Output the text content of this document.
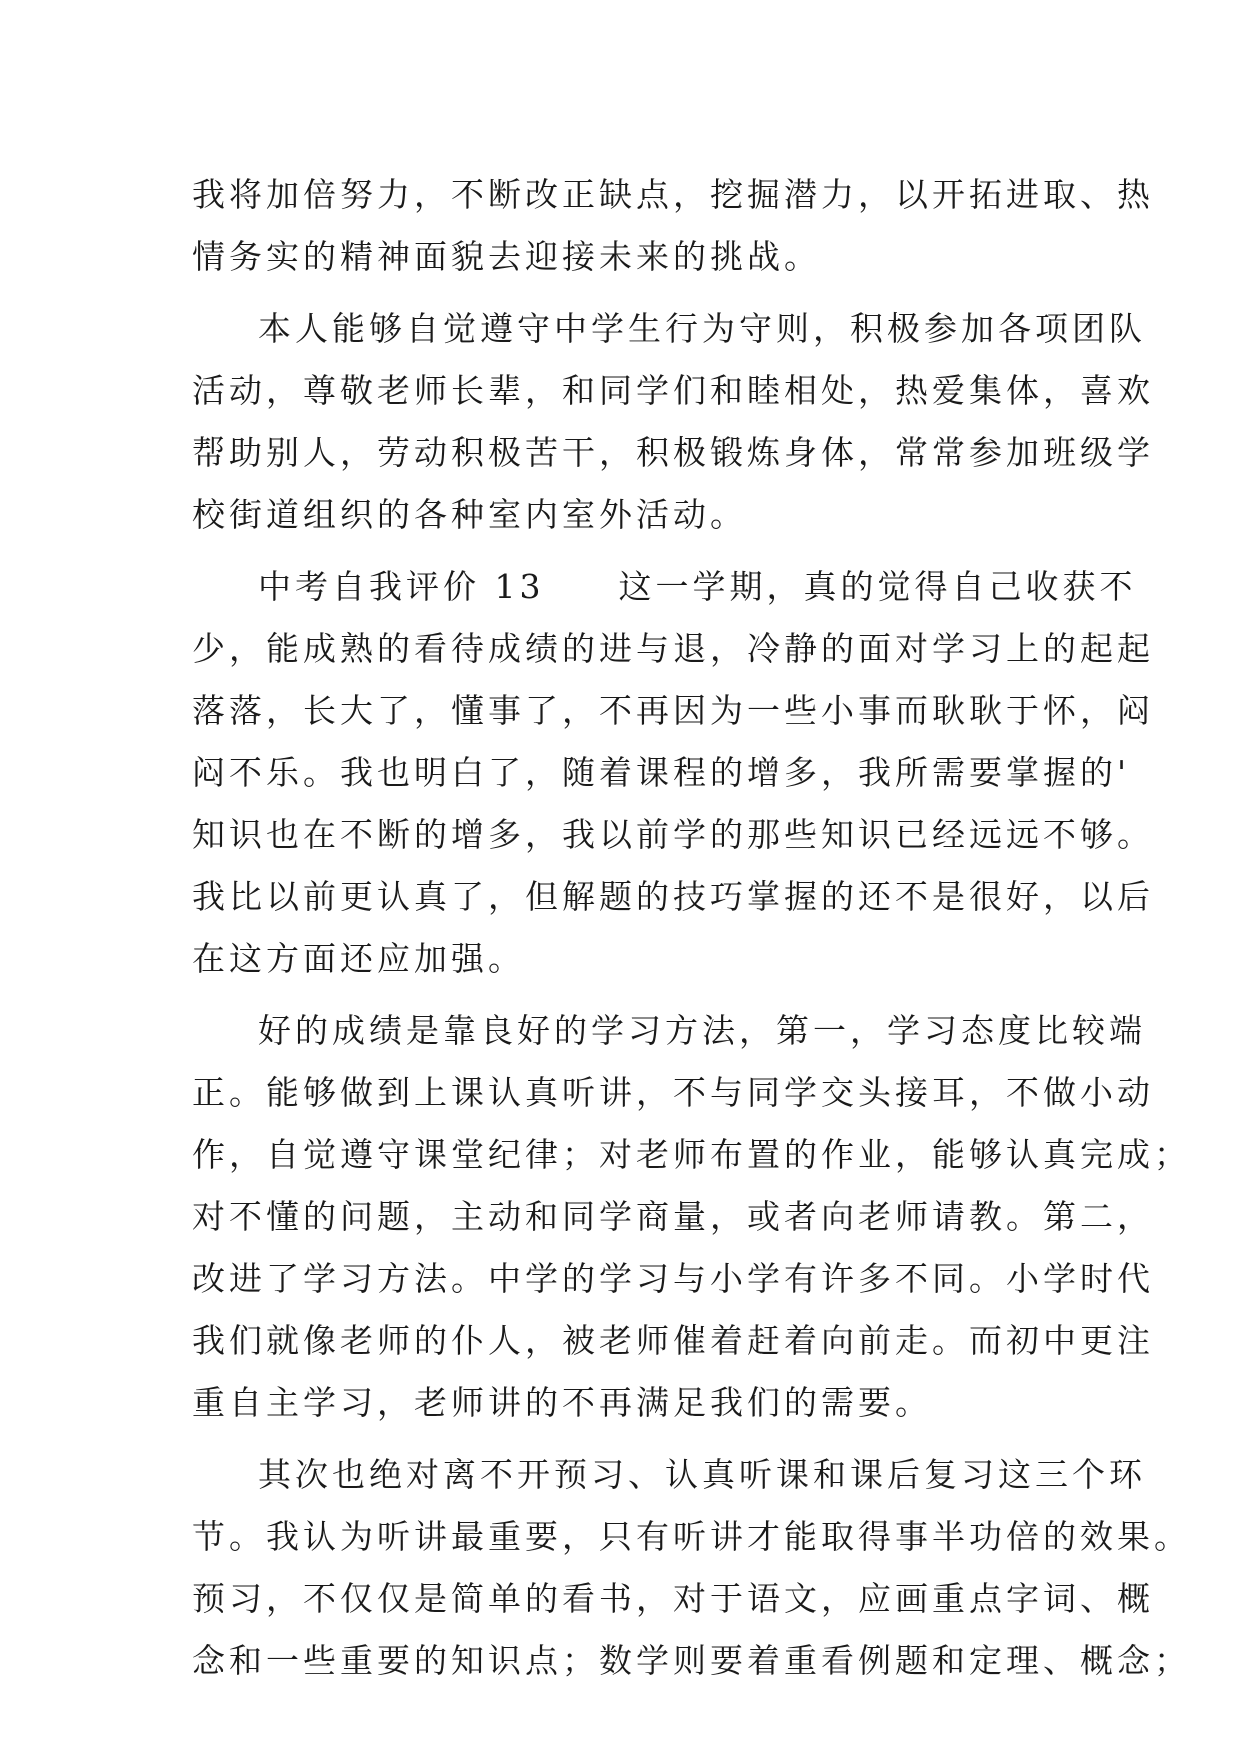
我将加倍努力，不断改正缺点，挖掘潜力，以开拓进取、热
情务实的精神面貌去迎接未来的挑战。
本人能够自觉遵守中学生行为守则，积极参加各项团队
活动，尊敬老师长辈，和同学们和睦相处，热爱集体，喜欢
帮助别人，劳动积极苦干，积极锻炼身体，常常参加班级学
校街道组织的各种室内室外活动。
中考自我评价 13　　这一学期，真的觉得自己收获不
少，能成熟的看待成绩的进与退，冷静的面对学习上的起起
落落，长大了，懂事了，不再因为一些小事而耿耿于怀，闷
闷不乐。我也明白了，随着课程的增多，我所需要掌握的'
知识也在不断的增多，我以前学的那些知识已经远远不够。
我比以前更认真了，但解题的技巧掌握的还不是很好，以后
在这方面还应加强。
好的成绩是靠良好的学习方法，第一，学习态度比较端
正。能够做到上课认真听讲，不与同学交头接耳，不做小动
作，自觉遵守课堂纪律；对老师布置的作业，能够认真完成；
对不懂的问题，主动和同学商量，或者向老师请教。第二，
改进了学习方法。中学的学习与小学有许多不同。小学时代
我们就像老师的仆人，被老师催着赶着向前走。而初中更注
重自主学习，老师讲的不再满足我们的需要。
其次也绝对离不开预习、认真听课和课后复习这三个环
节。我认为听讲最重要，只有听讲才能取得事半功倍的效果。
预习，不仅仅是简单的看书，对于语文，应画重点字词、概
念和一些重要的知识点；数学则要着重看例题和定理、概念；
